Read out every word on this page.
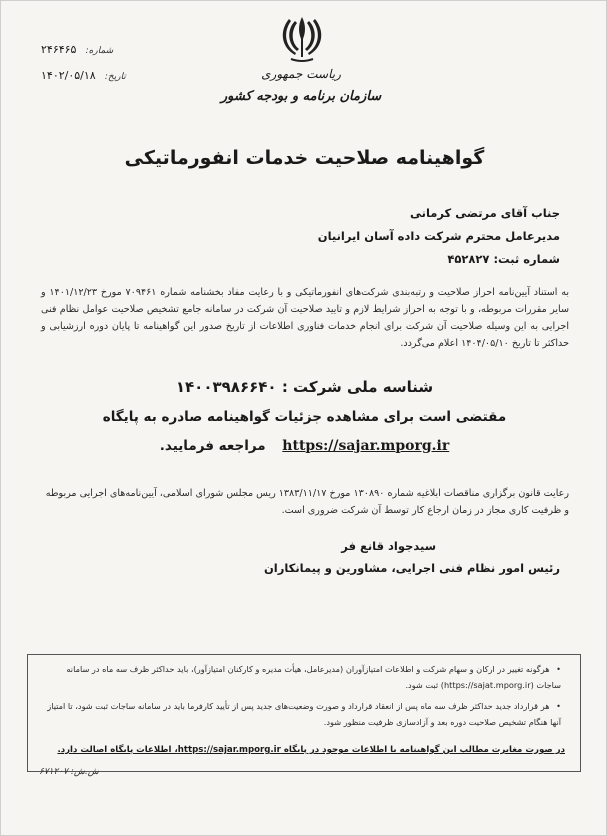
شماره: ۲۴۶۴۶۵
تاریخ: ۱۴۰۲/۰۵/۱۸	ریاست جمهوری
سازمان برنامه و بودجه کشور
گواهینامه صلاحیت خدمات انفورماتیکی
جناب آقای مرتضی کرمانی
مدیرعامل محترم شرکت داده آسان ایرانیان
شماره ثبت: ۴۵۲۸۲۷
به استناد آیین‌نامه احراز صلاحیت و رتبه‌بندی شرکت‌های انفورماتیکی و با رعایت مفاد بخشنامه شماره ۷۰۹۴۶۱ مورخ ۱۴۰۱/۱۲/۲۳ و سایر مقررات مربوطه، و با توجه به احراز شرایط لازم و تایید صلاحیت آن شرکت در سامانه جامع تشخیص صلاحیت عوامل نظام فنی اجرایی به این وسیله صلاحیت آن شرکت برای انجام خدمات فناوری اطلاعات از تاریخ صدور این گواهینامه تا پایان دوره ارزشیابی و حداکثر تا تاریخ ۱۴۰۴/۰۵/۱۰ اعلام می‌گردد.
شناسه ملی شرکت : ۱۴۰۰۳۹۸۶۶۴۰
مقتضی است برای مشاهده جزئیات گواهینامه صادره به پایگاه
https://sajar.mporg.ir مراجعه فرمایید.
رعایت قانون برگزاری مناقصات ابلاغیه شماره ۱۳۰۸۹۰ مورخ ۱۳۸۳/۱۱/۱۷ ریس مجلس شورای اسلامی، آیین‌نامه‌های اجرایی مربوطه و ظرفیت کاری مجاز در زمان ارجاع کار توسط آن شرکت ضروری است.
سیدجواد قانع فر
رئیس امور نظام فنی اجرایی، مشاورین و پیمانکاران
• هرگونه تغییر در ارکان و سهام شرکت و اطلاعات امتیازآوران (مدیرعامل، هیأت مدیره و کارکنان امتیازآور)، باید حداکثر ظرف سه ماه در سامانه ساجات (https://sajat.mporg.ir) ثبت شود.
• هر قرارداد جدید حداکثر ظرف سه ماه پس از انعقاد قرارداد و صورت وضعیت‌های جدید پس از تأیید کارفرما باید در سامانه ساجات ثبت شود، تا امتیاز آنها هنگام تشخیص صلاحیت دوره بعد و آزادسازی ظرفیت منظور شود.
در صورت مغایرت مطالب این گواهینامه با اطلاعات موجود در پایگاه https://sajar.mporg.ir، اطلاعات پایگاه اصالت دارد.
ش.ش: ۶۷۱۲۰۷
